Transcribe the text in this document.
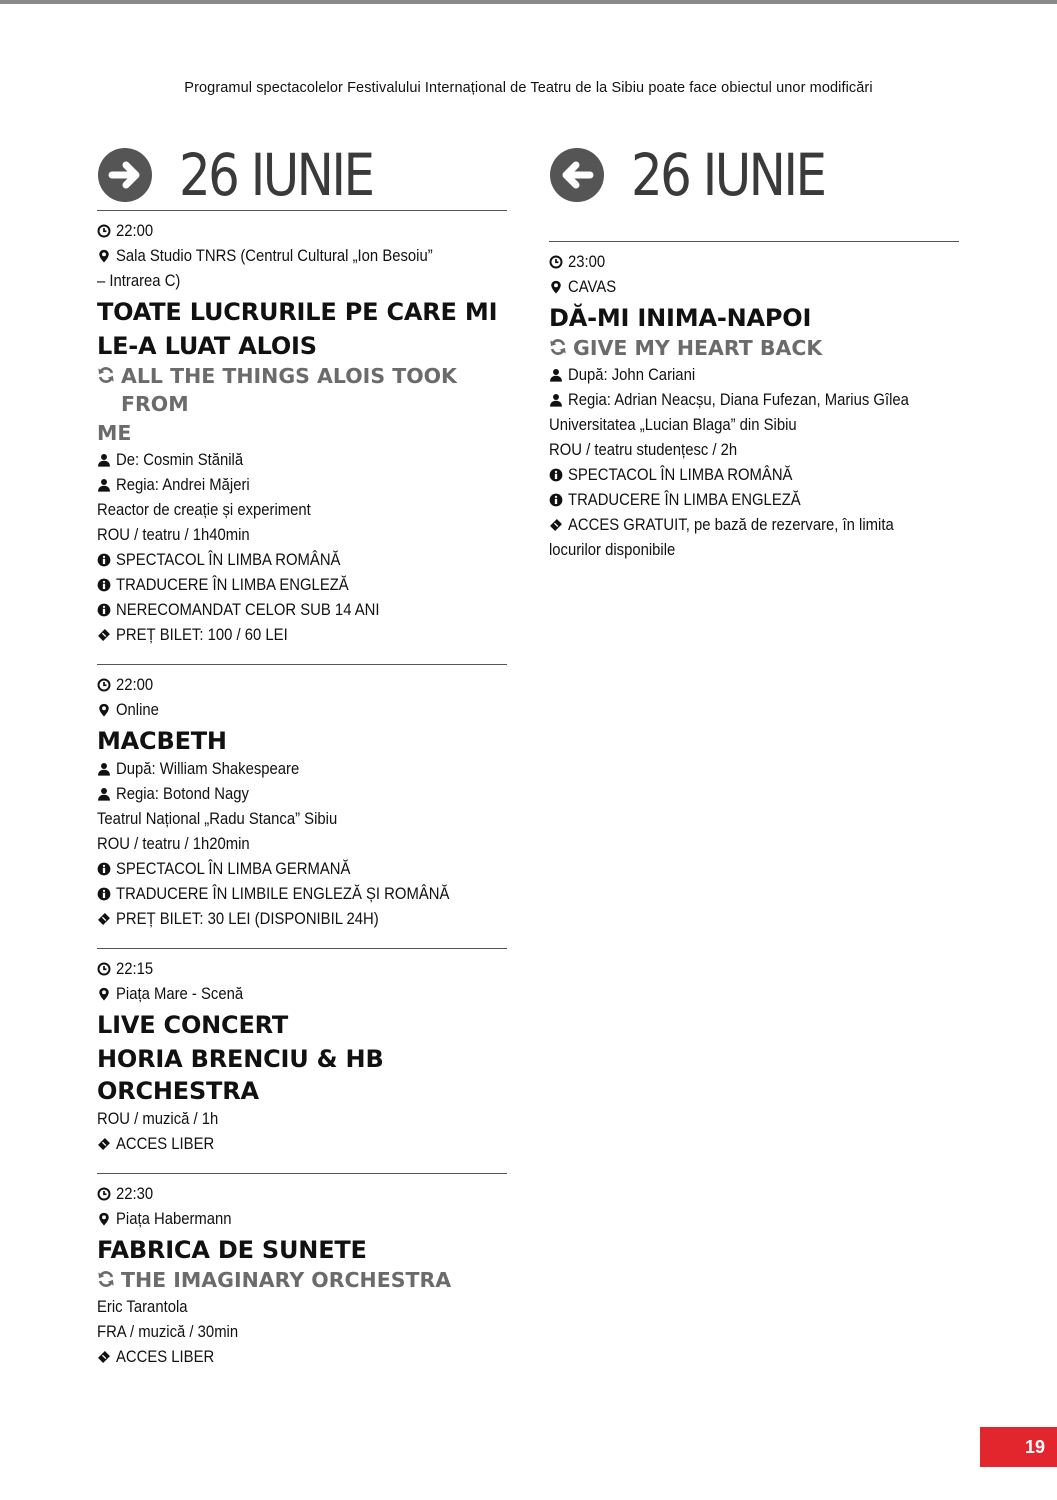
Programul spectacolelor Festivalului Internațional de Teatru de la Sibiu poate face obiectul unor modificări
26 IUNIE
22:00
Sala Studio TNRS (Centrul Cultural „Ion Besoiu”
– Intrarea C)
TOATE LUCRURILE PE CARE MI
LE-A LUAT ALOIS
ALL THE THINGS ALOIS TOOK FROM
ME
De: Cosmin Stănilă
Regia: Andrei Măjeri
Reactor de creație și experiment
ROU / teatru / 1h40min
SPECTACOL ÎN LIMBA ROMÂNĂ
TRADUCERE ÎN LIMBA ENGLEZĂ
NERECOMANDAT CELOR SUB 14 ANI
PREȚ BILET: 100 / 60 LEI
22:00
Online
MACBETH
După: William Shakespeare
Regia: Botond Nagy
Teatrul Național „Radu Stanca” Sibiu
ROU / teatru / 1h20min
SPECTACOL ÎN LIMBA GERMANĂ
TRADUCERE ÎN LIMBILE ENGLEZĂ ȘI ROMÂNĂ
PREȚ BILET: 30 LEI (DISPONIBIL 24H)
22:15
Piața Mare - Scenă
LIVE CONCERT
HORIA BRENCIU & HB ORCHESTRA
ROU / muzică / 1h
ACCES LIBER
22:30
Piața Habermann
FABRICA DE SUNETE
THE IMAGINARY ORCHESTRA
Eric Tarantola
FRA / muzică / 30min
ACCES LIBER
26 IUNIE
23:00
CAVAS
DĂ-MI INIMA-NAPOI
GIVE MY HEART BACK
După: John Cariani
Regia: Adrian Neacșu, Diana Fufezan, Marius Gîlea
Universitatea „Lucian Blaga” din Sibiu
ROU / teatru studențesc / 2h
SPECTACOL ÎN LIMBA ROMÂNĂ
TRADUCERE ÎN LIMBA ENGLEZĂ
ACCES GRATUIT, pe bază de rezervare, în limita
locurilor disponibile
19
